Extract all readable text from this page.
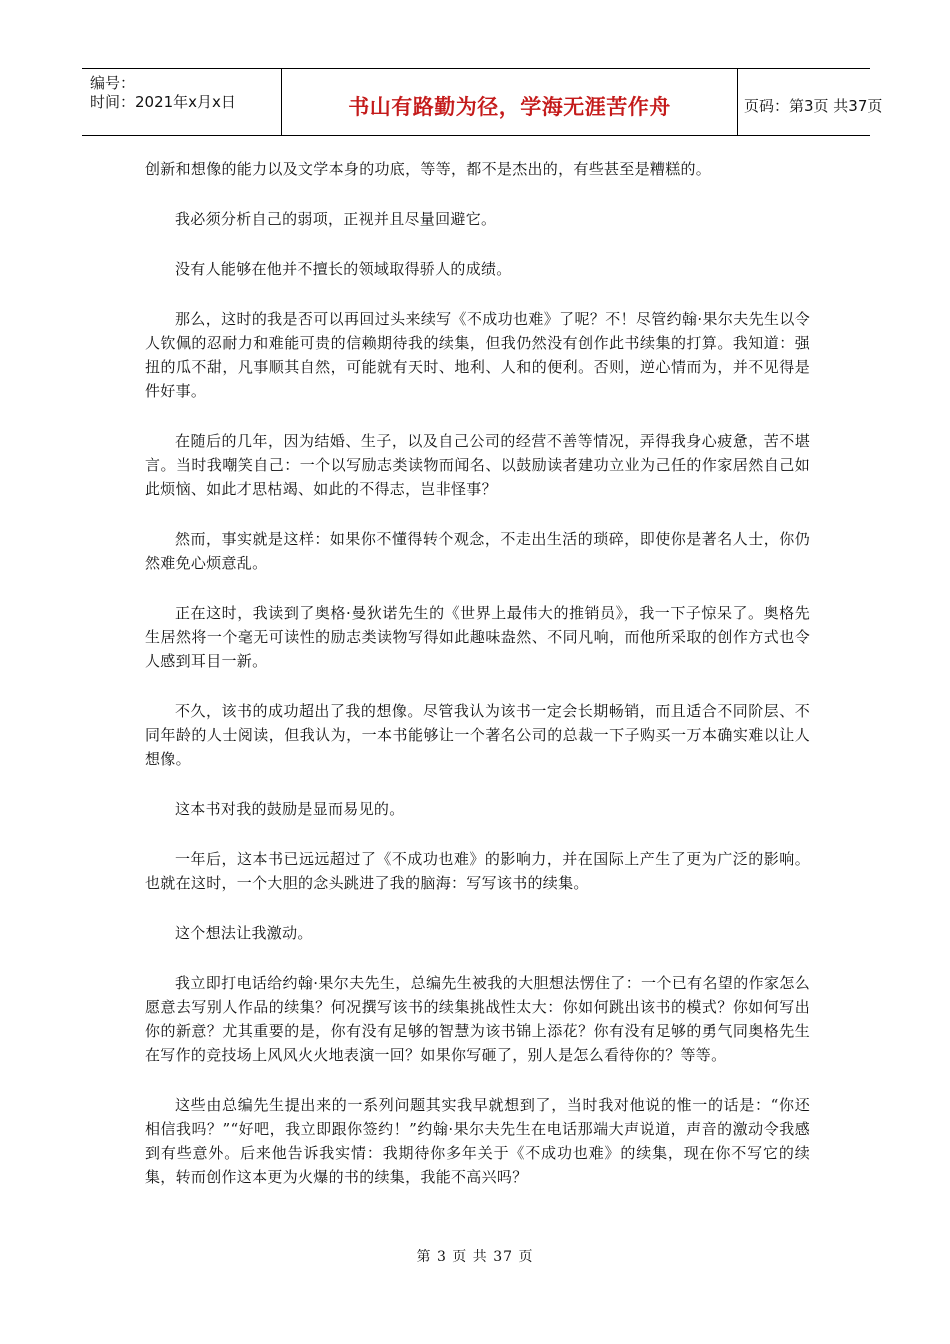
编号：
时间：2021年x月x日	书山有路勤为径，学海无涯苦作舟	页码：第3页 共37页

创新和想像的能力以及文学本身的功底，等等，都不是杰出的，有些甚至是糟糕的。

我必须分析自己的弱项，正视并且尽量回避它。

没有人能够在他并不擅长的领域取得骄人的成绩。

那么，这时的我是否可以再回过头来续写《不成功也难》了呢？不！尽管约翰·果尔夫先生以令人钦佩的忍耐力和难能可贵的信赖期待我的续集，但我仍然没有创作此书续集的打算。我知道：强扭的瓜不甜，凡事顺其自然，可能就有天时、地利、人和的便利。否则，逆心情而为，并不见得是件好事。

在随后的几年，因为结婚、生子，以及自己公司的经营不善等情况，弄得我身心疲惫，苦不堪言。当时我嘲笑自己：一个以写励志类读物而闻名、以鼓励读者建功立业为己任的作家居然自己如此烦恼、如此才思枯竭、如此的不得志，岂非怪事？

然而，事实就是这样：如果你不懂得转个观念，不走出生活的琐碎，即使你是著名人士，你仍然难免心烦意乱。

正在这时，我读到了奥格·曼狄诺先生的《世界上最伟大的推销员》，我一下子惊呆了。奥格先生居然将一个毫无可读性的励志类读物写得如此趣味盎然、不同凡响，而他所采取的创作方式也令人感到耳目一新。

不久，该书的成功超出了我的想像。尽管我认为该书一定会长期畅销，而且适合不同阶层、不同年龄的人士阅读，但我认为，一本书能够让一个著名公司的总裁一下子购买一万本确实难以让人想像。

这本书对我的鼓励是显而易见的。

一年后，这本书已远远超过了《不成功也难》的影响力，并在国际上产生了更为广泛的影响。也就在这时，一个大胆的念头跳进了我的脑海：写写该书的续集。

这个想法让我激动。

我立即打电话给约翰·果尔夫先生，总编先生被我的大胆想法愣住了：一个已有名望的作家怎么愿意去写别人作品的续集？何况撰写该书的续集挑战性太大：你如何跳出该书的模式？你如何写出你的新意？尤其重要的是，你有没有足够的智慧为该书锦上添花？你有没有足够的勇气同奥格先生在写作的竞技场上风风火火地表演一回？如果你写砸了，别人是怎么看待你的？等等。

这些由总编先生提出来的一系列问题其实我早就想到了，当时我对他说的惟一的话是：“你还相信我吗？”“好吧，我立即跟你签约！”约翰·果尔夫先生在电话那端大声说道，声音的激动令我感到有些意外。后来他告诉我实情：我期待你多年关于《不成功也难》的续集，现在你不写它的续集，转而创作这本更为火爆的书的续集，我能不高兴吗？

第 3 页 共 37 页
